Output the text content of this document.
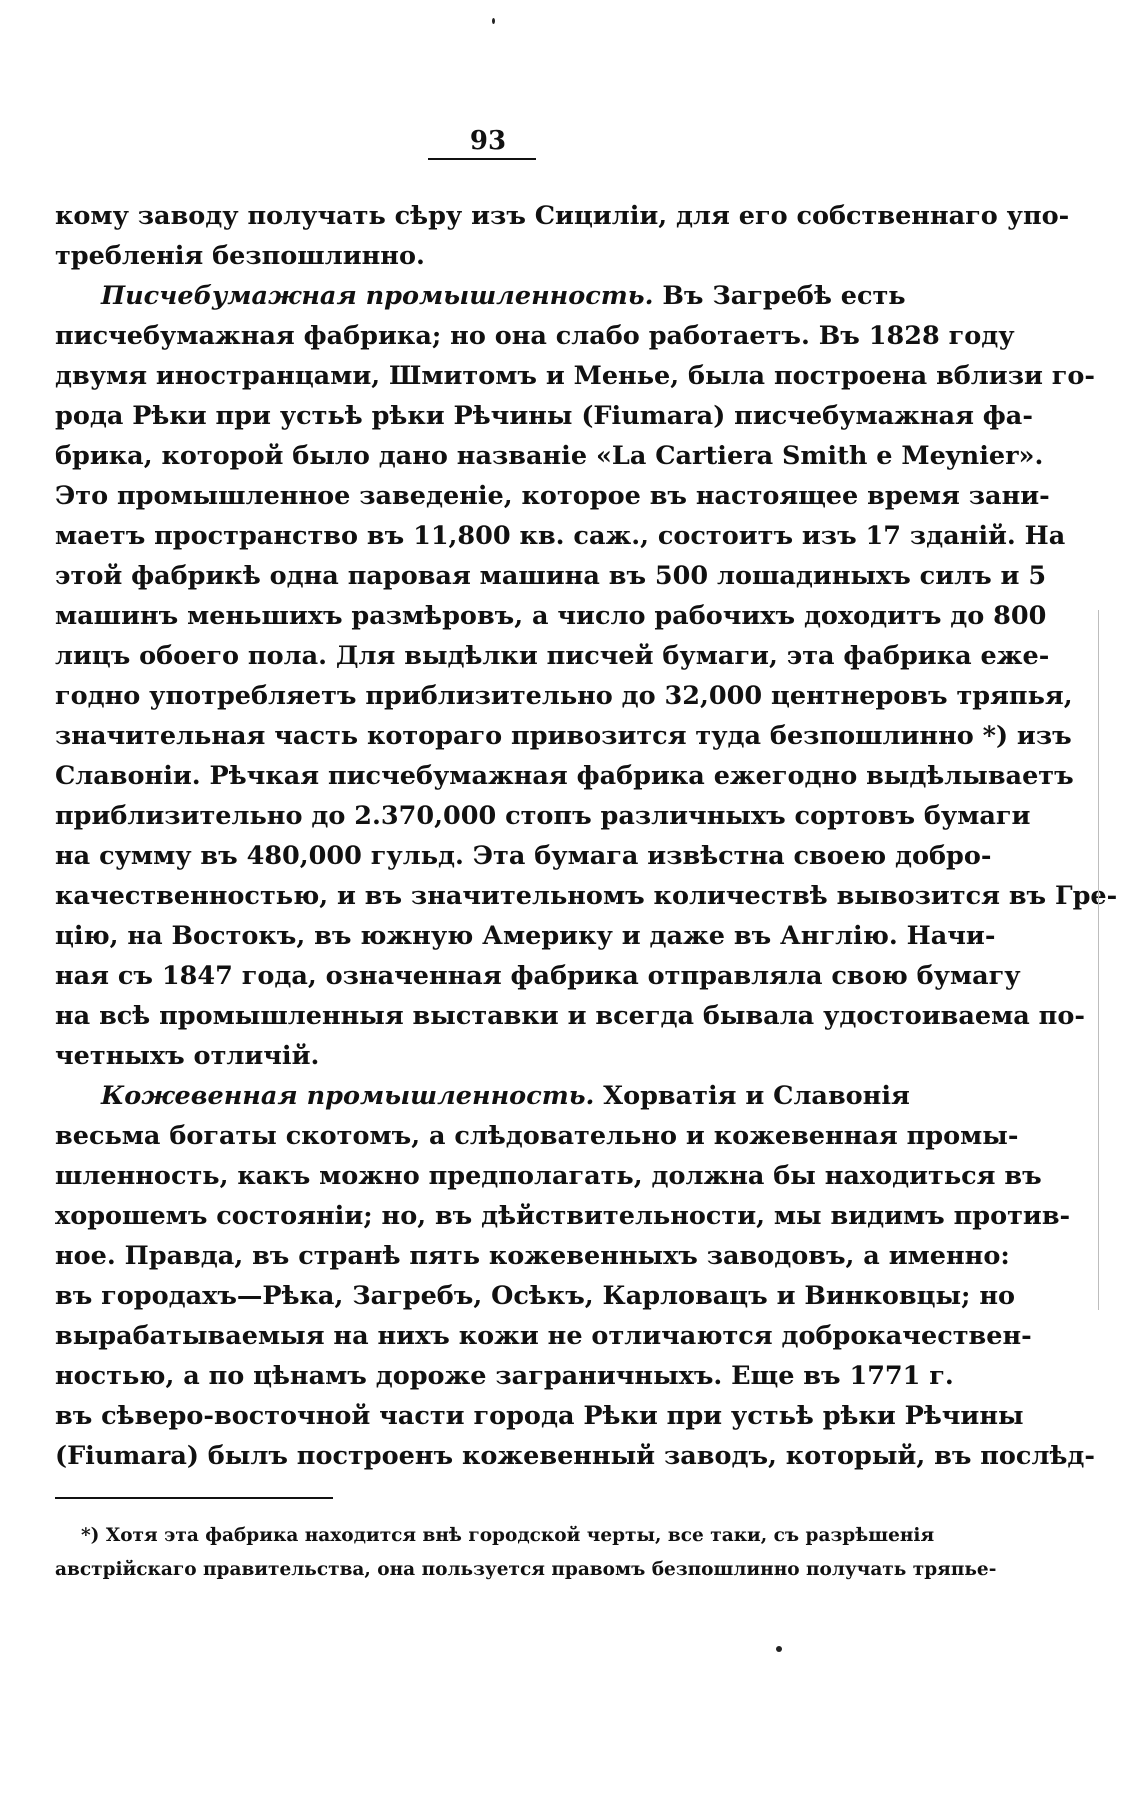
93
кому заводу получать сѣру изъ Сициліи, для его собственнаго упо-
требленія безпошлинно.
Писчебумажная промышленность. Въ Загребѣ есть
писчебумажная фабрика; но она слабо работаетъ. Въ 1828 году
двумя иностранцами, Шмитомъ и Менье, была построена вблизи го-
рода Рѣки при устьѣ рѣки Рѣчины (Fiumara) писчебумажная фа-
брика, которой было дано названіе «La Cartiera Smith e Meynier».
Это промышленное заведеніе, которое въ настоящее время зани-
маетъ пространство въ 11,800 кв. саж., состоитъ изъ 17 зданій. На
этой фабрикѣ одна паровая машина въ 500 лошадиныхъ силъ и 5
машинъ меньшихъ размѣровъ, а число рабочихъ доходитъ до 800
лицъ обоего пола. Для выдѣлки писчей бумаги, эта фабрика еже-
годно употребляетъ приблизительно до 32,000 центнеровъ тряпья,
значительная часть котораго привозится туда безпошлинно *) изъ
Славоніи. Рѣчкая писчебумажная фабрика ежегодно выдѣлываетъ
приблизительно до 2.370,000 стопъ различныхъ сортовъ бумаги
на сумму въ 480,000 гульд. Эта бумага извѣстна своею добро-
качественностью, и въ значительномъ количествѣ вывозится въ Гре-
цію, на Востокъ, въ южную Америку и даже въ Англію. Начи-
ная съ 1847 года, означенная фабрика отправляла свою бумагу
на всѣ промышленныя выставки и всегда бывала удостоиваема по-
четныхъ отличій.
Кожевенная промышленность. Хорватія и Славонія
весьма богаты скотомъ, а слѣдовательно и кожевенная промы-
шленность, какъ можно предполагать, должна бы находиться въ
хорошемъ состояніи; но, въ дѣйствительности, мы видимъ против-
ное. Правда, въ странѣ пять кожевенныхъ заводовъ, а именно:
въ городахъ—Рѣка, Загребъ, Осѣкъ, Карловацъ и Винковцы; но
вырабатываемыя на нихъ кожи не отличаются доброкачествен-
ностью, а по цѣнамъ дороже заграничныхъ. Еще въ 1771 г.
въ сѣверо-восточной части города Рѣки при устьѣ рѣки Рѣчины
(Fiumara) былъ построенъ кожевенный заводъ, который, въ послѣд-
*) Хотя эта фабрика находится внѣ городской черты, все таки, съ разрѣшенія
австрійскаго правительства, она пользуется правомъ безпошлинно получать тряпье-
